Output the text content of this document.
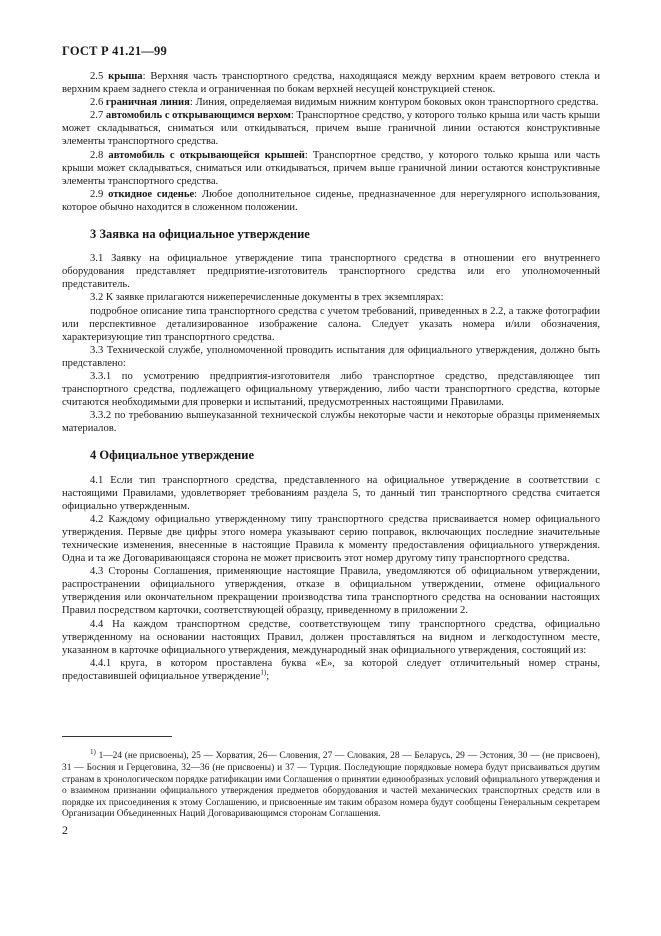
ГОСТ Р 41.21—99

2.5 крыша: Верхняя часть транспортного средства, находящаяся между верхним краем ветрового стекла и верхним краем заднего стекла и ограниченная по бокам верхней несущей конструкцией стенок.

2.6 граничная линия: Линия, определяемая видимым нижним контуром боковых окон транспортного средства.

2.7 автомобиль с открывающимся верхом: Транспортное средство, у которого только крыша или часть крыши может складываться, сниматься или откидываться, причем выше граничной линии остаются конструктивные элементы транспортного средства.

2.8 автомобиль с открывающейся крышей: Транспортное средство, у которого только крыша или часть крыши может складываться, сниматься или откидываться, причем выше граничной линии остаются конструктивные элементы транспортного средства.

2.9 откидное сиденье: Любое дополнительное сиденье, предназначенное для нерегулярного использования, которое обычно находится в сложенном положении.

3 Заявка на официальное утверждение

3.1 Заявку на официальное утверждение типа транспортного средства в отношении его внутреннего оборудования представляет предприятие-изготовитель транспортного средства или его уполномоченный представитель.

3.2 К заявке прилагаются нижеперечисленные документы в трех экземплярах:

подробное описание типа транспортного средства с учетом требований, приведенных в 2.2, а также фотографии или перспективное детализированное изображение салона. Следует указать номера и/или обозначения, характеризующие тип транспортного средства.

3.3 Технической службе, уполномоченной проводить испытания для официального утверждения, должно быть представлено:

3.3.1 по усмотрению предприятия-изготовителя либо транспортное средство, представляющее тип транспортного средства, подлежащего официальному утверждению, либо части транспортного средства, которые считаются необходимыми для проверки и испытаний, предусмотренных настоящими Правилами.

3.3.2 по требованию вышеуказанной технической службы некоторые части и некоторые образцы применяемых материалов.

4 Официальное утверждение

4.1 Если тип транспортного средства, представленного на официальное утверждение в соответствии с настоящими Правилами, удовлетворяет требованиям раздела 5, то данный тип транспортного средства считается официально утвержденным.

4.2 Каждому официально утвержденному типу транспортного средства присваивается номер официального утверждения. Первые две цифры этого номера указывают серию поправок, включающих последние значительные технические изменения, внесенные в настоящие Правила к моменту предоставления официального утверждения. Одна и та же Договаривающаяся сторона не может присвоить этот номер другому типу транспортного средства.

4.3 Стороны Соглашения, применяющие настоящие Правила, уведомляются об официальном утверждении, распространении официального утверждения, отказе в официальном утверждении, отмене официального утверждения или окончательном прекращении производства типа транспортного средства на основании настоящих Правил посредством карточки, соответствующей образцу, приведенному в приложении 2.

4.4 На каждом транспортном средстве, соответствующем типу транспортного средства, официально утвержденному на основании настоящих Правил, должен проставляться на видном и легкодоступном месте, указанном в карточке официального утверждения, международный знак официального утверждения, состоящий из:

4.4.1 круга, в котором проставлена буква «Е», за которой следует отличительный номер страны, предоставившей официальное утверждение$^{1)}$;

$^{1)}$ 1—24 (не присвоены), 25 — Хорватия, 26— Словения, 27 — Словакия, 28 — Беларусь, 29 — Эстония, 30 — (не присвоен), 31 — Босния и Герцеговина, 32—36 (не присвоены) и 37 — Турция. Последующие порядковые номера будут присваиваться другим странам в хронологическом порядке ратификации ими Соглашения о принятии единообразных условий официального утверждения и о взаимном признании официального утверждения предметов оборудования и частей механических транспортных средств или в порядке их присоединения к этому Соглашению, и присвоенные им таким образом номера будут сообщены Генеральным секретарем Организации Объединенных Наций Договаривающимся сторонам Соглашения.

2
